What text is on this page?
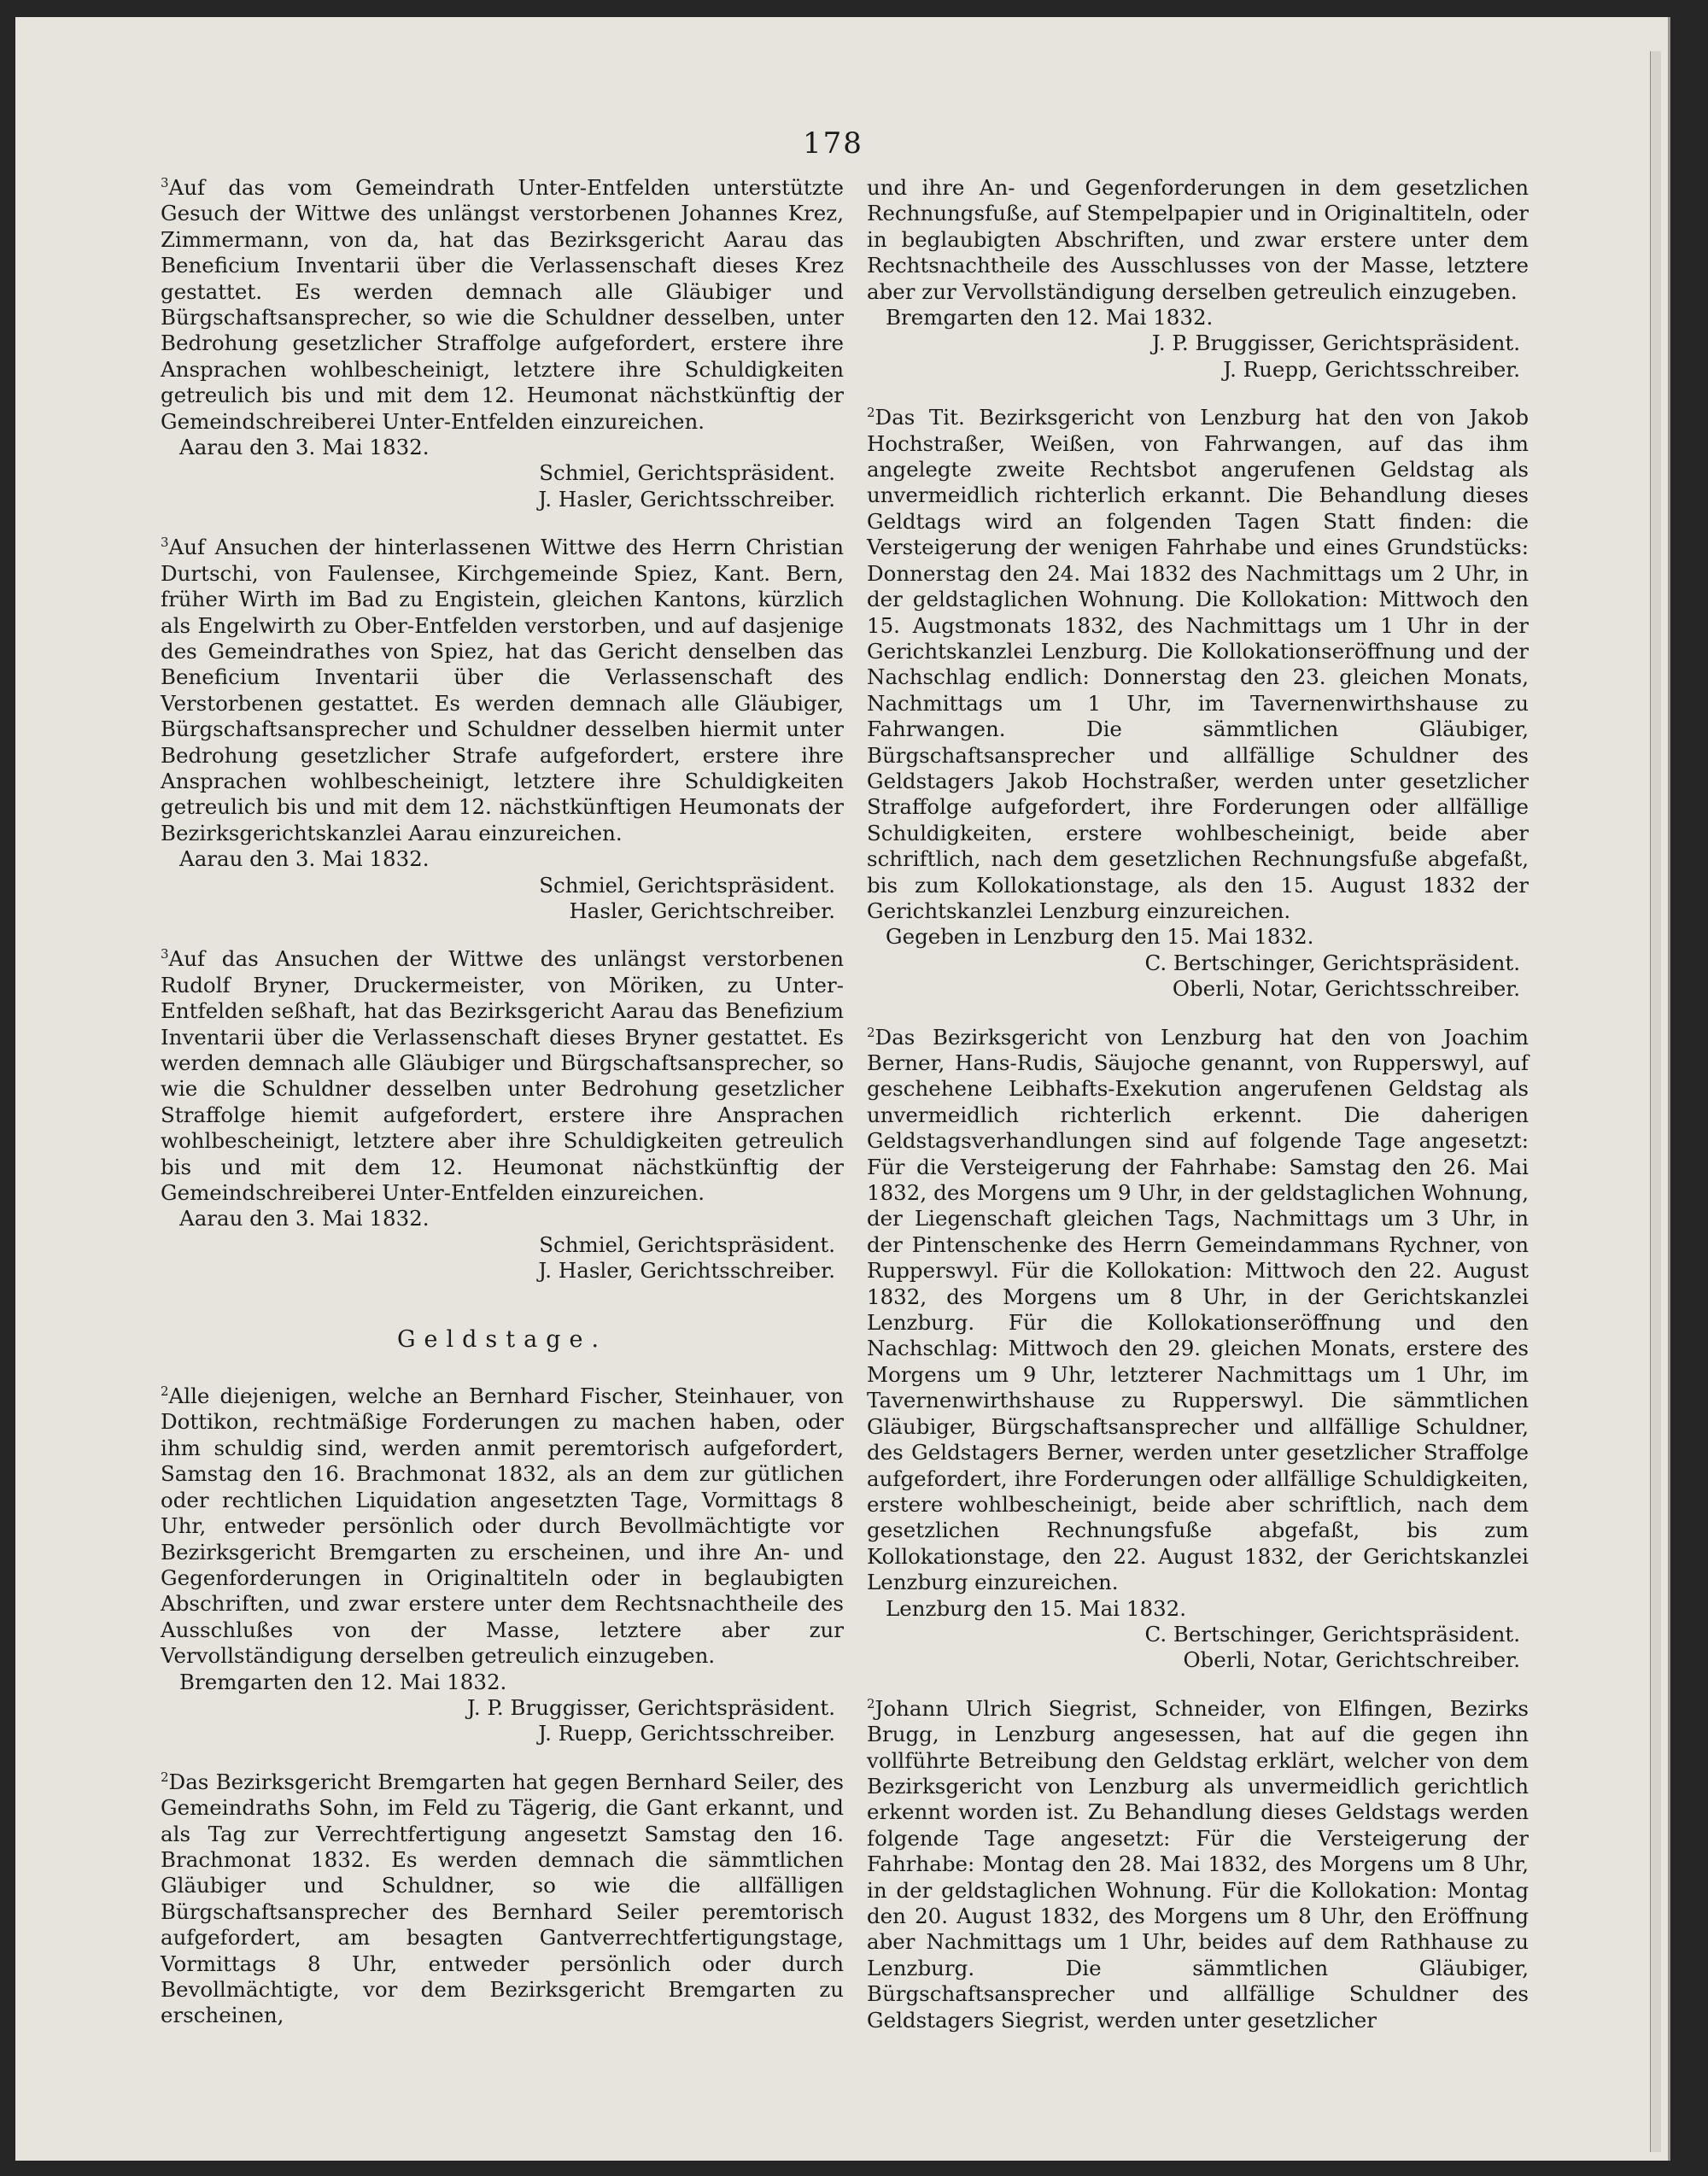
178

$^3$Auf das vom Gemeindrath Unter-Entfelden unterstützte Gesuch der Wittwe des unlängst verstorbenen Johannes Krez, Zimmermann, von da, hat das Bezirksgericht Aarau das Beneficium Inventarii über die Verlassenschaft dieses Krez gestattet. Es werden demnach alle Gläubiger und Bürgschaftsansprecher, so wie die Schuldner desselben, unter Bedrohung gesetzlicher Straffolge aufgefordert, erstere ihre Ansprachen wohlbescheinigt, letztere ihre Schuldigkeiten getreulich bis und mit dem 12. Heumonat nächstkünftig der Gemeindschreiberei Unter-Entfelden einzureichen.

Aarau den 3. Mai 1832.

Schmiel, Gerichtspräsident.

J. Hasler, Gerichtsschreiber.

$^3$Auf Ansuchen der hinterlassenen Wittwe des Herrn Christian Durtschi, von Faulensee, Kirchgemeinde Spiez, Kant. Bern, früher Wirth im Bad zu Engistein, gleichen Kantons, kürzlich als Engelwirth zu Ober-Entfelden verstorben, und auf dasjenige des Gemeindrathes von Spiez, hat das Gericht denselben das Beneficium Inventarii über die Verlassenschaft des Verstorbenen gestattet. Es werden demnach alle Gläubiger, Bürgschaftsansprecher und Schuldner desselben hiermit unter Bedrohung gesetzlicher Strafe aufgefordert, erstere ihre Ansprachen wohlbescheinigt, letztere ihre Schuldigkeiten getreulich bis und mit dem 12. nächstkünftigen Heumonats der Bezirksgerichtskanzlei Aarau einzureichen.

Aarau den 3. Mai 1832.

Schmiel, Gerichtspräsident.

Hasler, Gerichtschreiber.

$^3$Auf das Ansuchen der Wittwe des unlängst verstorbenen Rudolf Bryner, Druckermeister, von Möriken, zu Unter-Entfelden seßhaft, hat das Bezirksgericht Aarau das Benefizium Inventarii über die Verlassenschaft dieses Bryner gestattet. Es werden demnach alle Gläubiger und Bürgschaftsansprecher, so wie die Schuldner desselben unter Bedrohung gesetzlicher Straffolge hiemit aufgefordert, erstere ihre Ansprachen wohlbescheinigt, letztere aber ihre Schuldigkeiten getreulich bis und mit dem 12. Heumonat nächstkünftig der Gemeindschreiberei Unter-Entfelden einzureichen.

Aarau den 3. Mai 1832.

Schmiel, Gerichtspräsident.

J. Hasler, Gerichtsschreiber.

Geldstage.

$^2$Alle diejenigen, welche an Bernhard Fischer, Steinhauer, von Dottikon, rechtmäßige Forderungen zu machen haben, oder ihm schuldig sind, werden anmit peremtorisch aufgefordert, Samstag den 16. Brachmonat 1832, als an dem zur gütlichen oder rechtlichen Liquidation angesetzten Tage, Vormittags 8 Uhr, entweder persönlich oder durch Bevollmächtigte vor Bezirksgericht Bremgarten zu erscheinen, und ihre An- und Gegenforderungen in Originaltiteln oder in beglaubigten Abschriften, und zwar erstere unter dem Rechtsnachtheile des Ausschlußes von der Masse, letztere aber zur Vervollständigung derselben getreulich einzugeben.

Bremgarten den 12. Mai 1832.

J. P. Bruggisser, Gerichtspräsident.

J. Ruepp, Gerichtsschreiber.

$^2$Das Bezirksgericht Bremgarten hat gegen Bernhard Seiler, des Gemeindraths Sohn, im Feld zu Tägerig, die Gant erkannt, und als Tag zur Verrechtfertigung angesetzt Samstag den 16. Brachmonat 1832. Es werden demnach die sämmtlichen Gläubiger und Schuldner, so wie die allfälligen Bürgschaftsansprecher des Bernhard Seiler peremtorisch aufgefordert, am besagten Gantverrechtfertigungstage, Vormittags 8 Uhr, entweder persönlich oder durch Bevollmächtigte, vor dem Bezirksgericht Bremgarten zu erscheinen,

und ihre An- und Gegenforderungen in dem gesetzlichen Rechnungsfuße, auf Stempelpapier und in Originaltiteln, oder in beglaubigten Abschriften, und zwar erstere unter dem Rechtsnachtheile des Ausschlusses von der Masse, letztere aber zur Vervollständigung derselben getreulich einzugeben.

Bremgarten den 12. Mai 1832.

J. P. Bruggisser, Gerichtspräsident.

J. Ruepp, Gerichtsschreiber.

$^2$Das Tit. Bezirksgericht von Lenzburg hat den von Jakob Hochstraßer, Weißen, von Fahrwangen, auf das ihm angelegte zweite Rechtsbot angerufenen Geldstag als unvermeidlich richterlich erkannt. Die Behandlung dieses Geldtags wird an folgenden Tagen Statt finden: die Versteigerung der wenigen Fahrhabe und eines Grundstücks: Donnerstag den 24. Mai 1832 des Nachmittags um 2 Uhr, in der geldstaglichen Wohnung. Die Kollokation: Mittwoch den 15. Augstmonats 1832, des Nachmittags um 1 Uhr in der Gerichtskanzlei Lenzburg. Die Kollokationseröffnung und der Nachschlag endlich: Donnerstag den 23. gleichen Monats, Nachmittags um 1 Uhr, im Tavernenwirthshause zu Fahrwangen. Die sämmtlichen Gläubiger, Bürgschaftsansprecher und allfällige Schuldner des Geldstagers Jakob Hochstraßer, werden unter gesetzlicher Straffolge aufgefordert, ihre Forderungen oder allfällige Schuldigkeiten, erstere wohlbescheinigt, beide aber schriftlich, nach dem gesetzlichen Rechnungsfuße abgefaßt, bis zum Kollokationstage, als den 15. August 1832 der Gerichtskanzlei Lenzburg einzureichen.

Gegeben in Lenzburg den 15. Mai 1832.

C. Bertschinger, Gerichtspräsident.

Oberli, Notar, Gerichtsschreiber.

$^2$Das Bezirksgericht von Lenzburg hat den von Joachim Berner, Hans-Rudis, Säujoche genannt, von Rupperswyl, auf geschehene Leibhafts-Exekution angerufenen Geldstag als unvermeidlich richterlich erkennt. Die daherigen Geldstagsverhandlungen sind auf folgende Tage angesetzt: Für die Versteigerung der Fahrhabe: Samstag den 26. Mai 1832, des Morgens um 9 Uhr, in der geldstaglichen Wohnung, der Liegenschaft gleichen Tags, Nachmittags um 3 Uhr, in der Pintenschenke des Herrn Gemeindammans Rychner, von Rupperswyl. Für die Kollokation: Mittwoch den 22. August 1832, des Morgens um 8 Uhr, in der Gerichtskanzlei Lenzburg. Für die Kollokationseröffnung und den Nachschlag: Mittwoch den 29. gleichen Monats, erstere des Morgens um 9 Uhr, letzterer Nachmittags um 1 Uhr, im Tavernenwirthshause zu Rupperswyl. Die sämmtlichen Gläubiger, Bürgschaftsansprecher und allfällige Schuldner, des Geldstagers Berner, werden unter gesetzlicher Straffolge aufgefordert, ihre Forderungen oder allfällige Schuldigkeiten, erstere wohlbescheinigt, beide aber schriftlich, nach dem gesetzlichen Rechnungsfuße abgefaßt, bis zum Kollokationstage, den 22. August 1832, der Gerichtskanzlei Lenzburg einzureichen.

Lenzburg den 15. Mai 1832.

C. Bertschinger, Gerichtspräsident.

Oberli, Notar, Gerichtschreiber.

$^2$Johann Ulrich Siegrist, Schneider, von Elfingen, Bezirks Brugg, in Lenzburg angesessen, hat auf die gegen ihn vollführte Betreibung den Geldstag erklärt, welcher von dem Bezirksgericht von Lenzburg als unvermeidlich gerichtlich erkennt worden ist. Zu Behandlung dieses Geldstags werden folgende Tage angesetzt: Für die Versteigerung der Fahrhabe: Montag den 28. Mai 1832, des Morgens um 8 Uhr, in der geldstaglichen Wohnung. Für die Kollokation: Montag den 20. August 1832, des Morgens um 8 Uhr, den Eröffnung aber Nachmittags um 1 Uhr, beides auf dem Rathhause zu Lenzburg. Die sämmtlichen Gläubiger, Bürgschaftsansprecher und allfällige Schuldner des Geldstagers Siegrist, werden unter gesetzlicher
